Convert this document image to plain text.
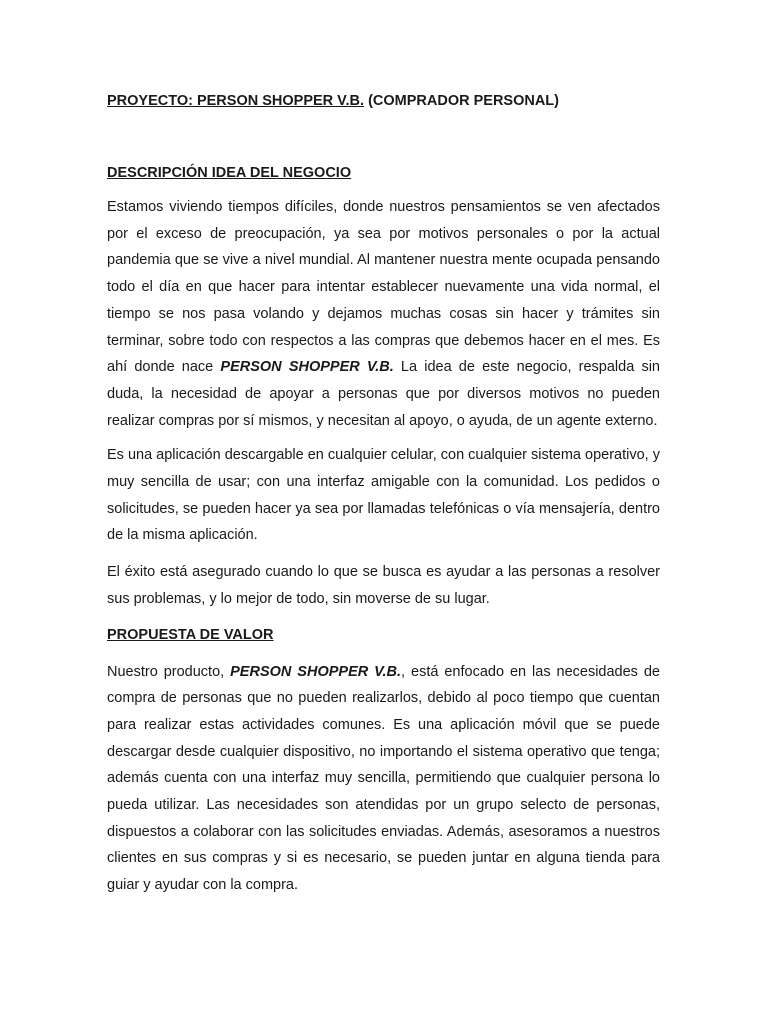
PROYECTO: PERSON SHOPPER V.B. (COMPRADOR PERSONAL)
DESCRIPCIÓN IDEA DEL NEGOCIO

Estamos viviendo tiempos difíciles, donde nuestros pensamientos se ven afectados por el exceso de preocupación, ya sea por motivos personales o por la actual pandemia que se vive a nivel mundial. Al mantener nuestra mente ocupada pensando todo el día en que hacer para intentar establecer nuevamente una vida normal, el tiempo se nos pasa volando y dejamos muchas cosas sin hacer y trámites sin terminar, sobre todo con respectos a las compras que debemos hacer en el mes. Es ahí donde nace PERSON SHOPPER V.B. La idea de este negocio, respalda sin duda, la necesidad de apoyar a personas que por diversos motivos no pueden realizar compras por sí mismos, y necesitan al apoyo, o ayuda, de un agente externo.

Es una aplicación descargable en cualquier celular, con cualquier sistema operativo, y muy sencilla de usar; con una interfaz amigable con la comunidad. Los pedidos o solicitudes, se pueden hacer ya sea por llamadas telefónicas o vía mensajería, dentro de la misma aplicación.

El éxito está asegurado cuando lo que se busca es ayudar a las personas a resolver sus problemas, y lo mejor de todo, sin moverse de su lugar.

PROPUESTA DE VALOR

Nuestro producto, PERSON SHOPPER V.B., está enfocado en las necesidades de compra de personas que no pueden realizarlos, debido al poco tiempo que cuentan para realizar estas actividades comunes. Es una aplicación móvil que se puede descargar desde cualquier dispositivo, no importando el sistema operativo que tenga; además cuenta con una interfaz muy sencilla, permitiendo que cualquier persona lo pueda utilizar. Las necesidades son atendidas por un grupo selecto de personas, dispuestos a colaborar con las solicitudes enviadas. Además, asesoramos a nuestros clientes en sus compras y si es necesario, se pueden juntar en alguna tienda para guiar y ayudar con la compra.
